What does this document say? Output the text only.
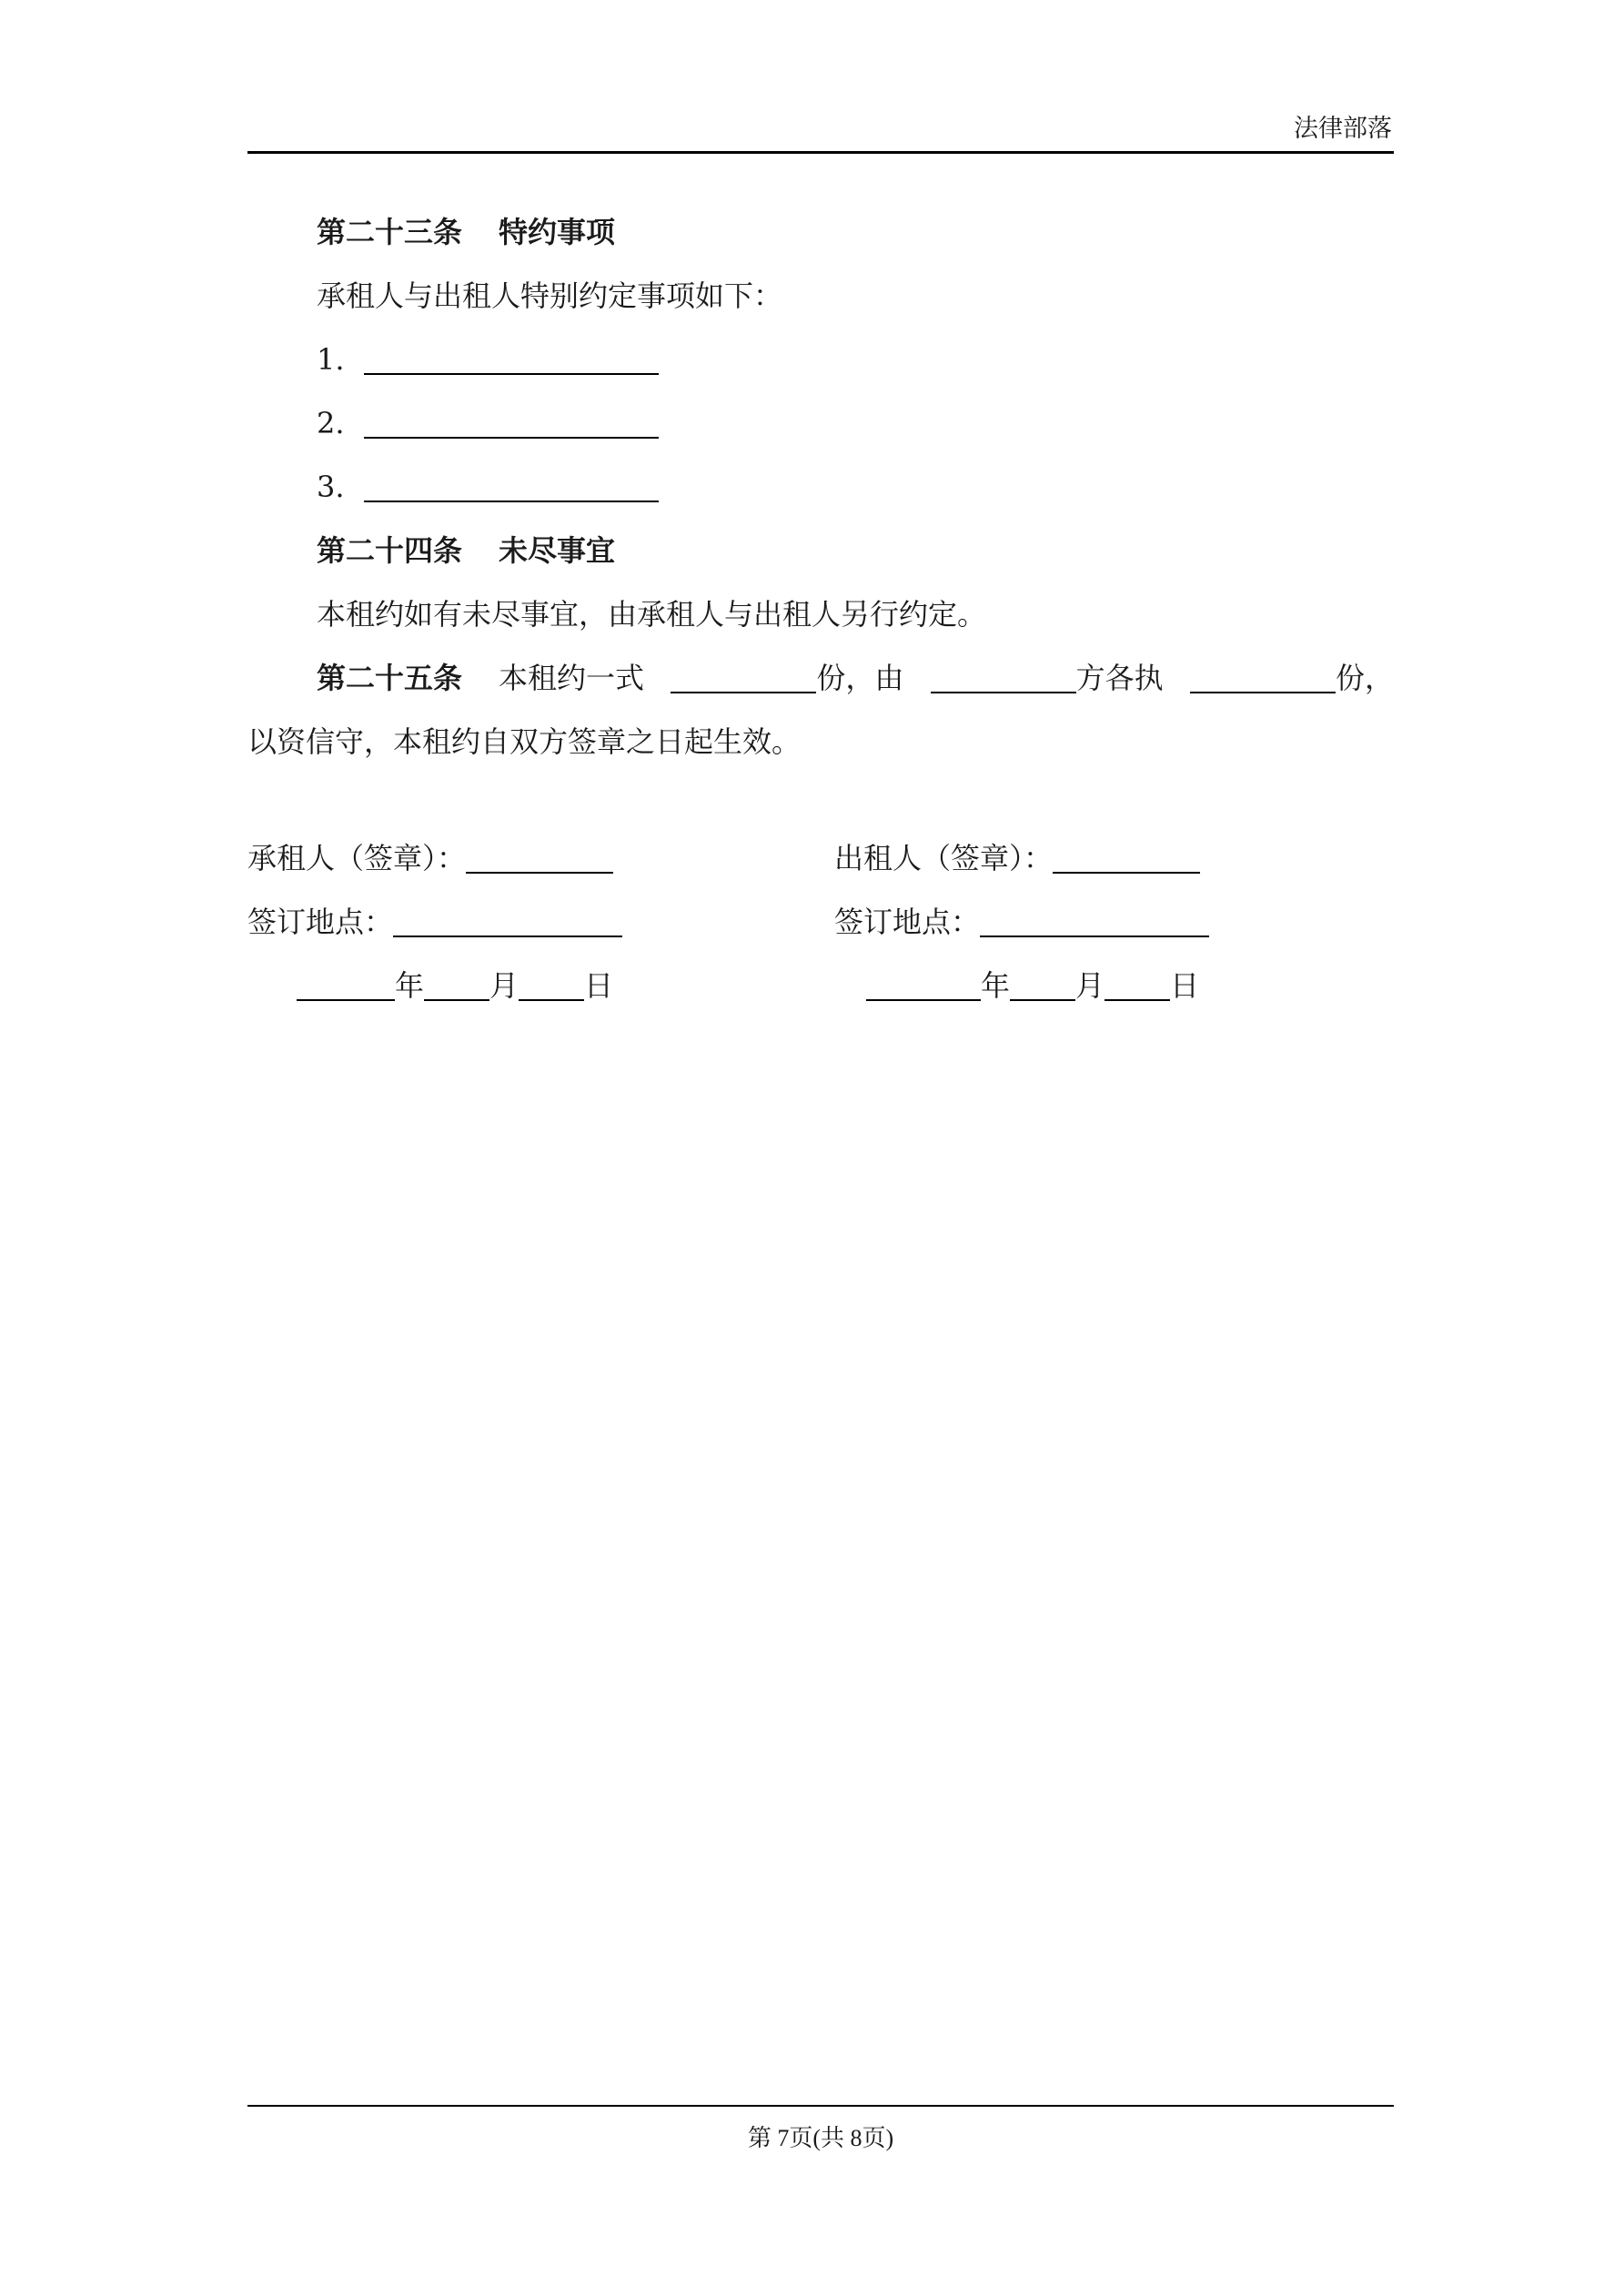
法律部落
第二十三条 特约事项
承租人与出租人特别约定事项如下：
1.
2.
3.
第二十四条 未尽事宜
本租约如有未尽事宜，由承租人与出租人另行约定。
第二十五条 本租约一式	份，由	方各执	份，
以资信守，本租约自双方签章之日起生效。
承租人（签章）：	出租人（签章）：
签订地点：	签订地点：
年 月 日	年 月 日
第 7页(共 8页)
